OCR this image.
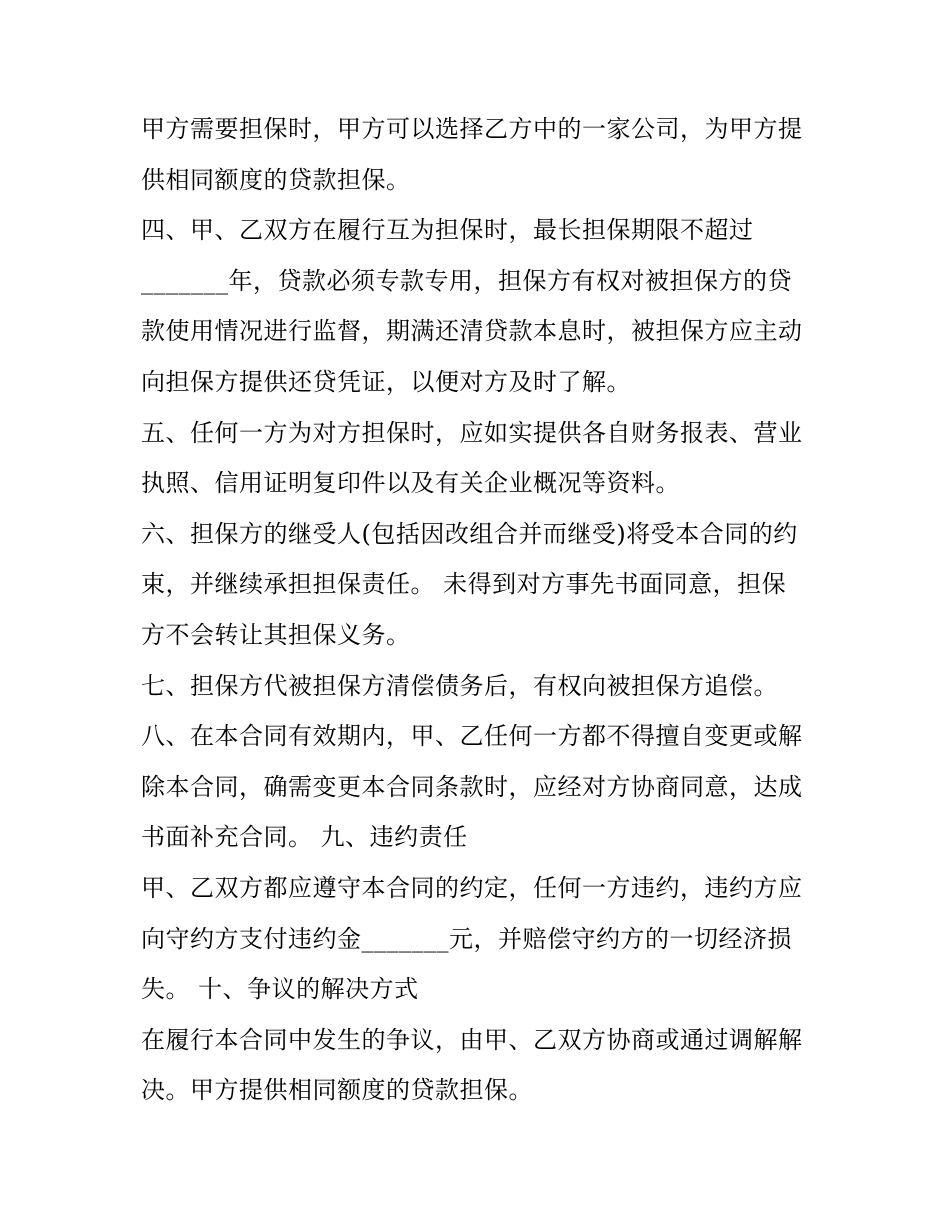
甲方需要担保时，甲方可以选择乙方中的一家公司，为甲方提
供相同额度的贷款担保。
四、甲、乙双方在履行互为担保时，最长担保期限不超过
_______年，贷款必须专款专用，担保方有权对被担保方的贷
款使用情况进行监督，期满还清贷款本息时，被担保方应主动
向担保方提供还贷凭证，以便对方及时了解。
五、任何一方为对方担保时，应如实提供各自财务报表、营业
执照、信用证明复印件以及有关企业概况等资料。
六、担保方的继受人(包括因改组合并而继受)将受本合同的约
束，并继续承担担保责任。 未得到对方事先书面同意，担保
方不会转让其担保义务。
七、担保方代被担保方清偿债务后，有权向被担保方追偿。
八、在本合同有效期内，甲、乙任何一方都不得擅自变更或解
除本合同，确需变更本合同条款时，应经对方协商同意，达成
书面补充合同。 九、违约责任
甲、乙双方都应遵守本合同的约定，任何一方违约，违约方应
向守约方支付违约金_______元，并赔偿守约方的一切经济损
失。 十、争议的解决方式
在履行本合同中发生的争议，由甲、乙双方协商或通过调解解
决。甲方提供相同额度的贷款担保。
